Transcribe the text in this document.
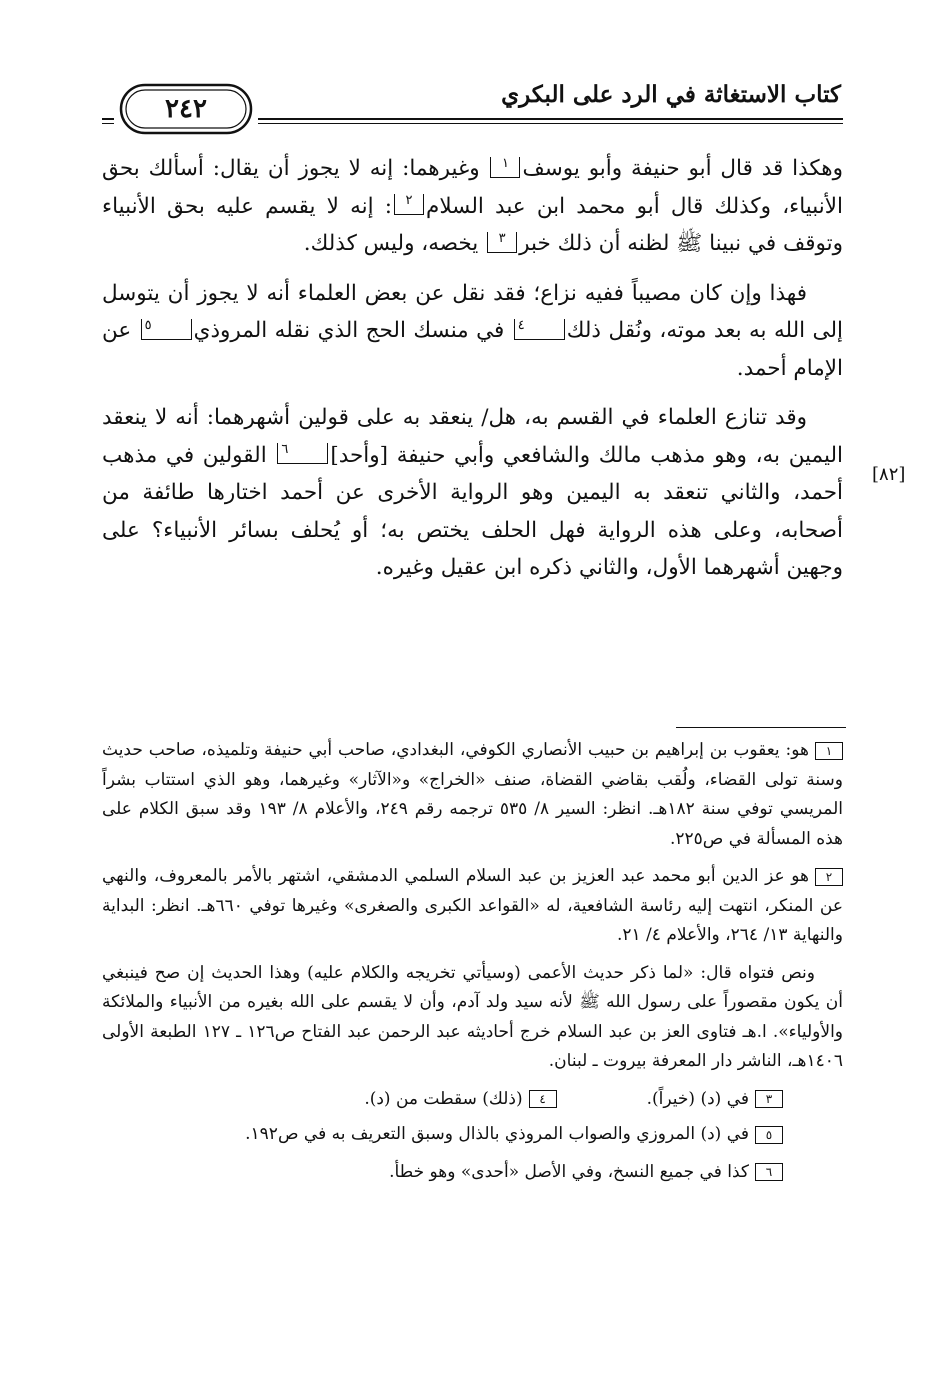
كتاب الاستغاثة في الرد على البكري
٢٤٢
[٨٢]

وهكذا قد قال أبو حنيفة وأبو يوسف١ وغيرهما: إنه لا يجوز أن يقال: أسألك بحق الأنبياء، وكذلك قال أبو محمد ابن عبد السلام٢: إنه لا يقسم عليه بحق الأنبياء وتوقف في نبينا ﷺ لظنه أن ذلك خبر٣ يخصه، وليس كذلك.

فهذا وإن كان مصيباً ففيه نزاع؛ فقد نقل عن بعض العلماء أنه لا يجوز أن يتوسل إلى الله به بعد موته، ونُقل ذلك٤ في منسك الحج الذي نقله المروذي٥ عن الإمام أحمد.

وقد تنازع العلماء في القسم به، هل/ ينعقد به على قولين أشهرهما: أنه لا ينعقد اليمين به، وهو مذهب مالك والشافعي وأبي حنيفة [وأحد]٦ القولين في مذهب أحمد، والثاني تنعقد به اليمين وهو الرواية الأخرى عن أحمد اختارها طائفة من أصحابه، وعلى هذه الرواية فهل الحلف يختص به؛ أو يُحلف بسائر الأنبياء؟ على وجهين أشهرهما الأول، والثاني ذكره ابن عقيل وغيره.

١هو: يعقوب بن إبراهيم بن حبيب الأنصاري الكوفي، البغدادي، صاحب أبي حنيفة وتلميذه، صاحب حديث وسنة تولى القضاء، ولُقب بقاضي القضاة، صنف «الخراج» و«الآثار» وغيرهما، وهو الذي استتاب بشراً المريسي توفي سنة ١٨٢هـ. انظر: السير ٨/ ٥٣٥ ترجمه رقم ٢٤٩، والأعلام ٨/ ١٩٣ وقد سبق الكلام على هذه المسألة في ص٢٢٥.

٢هو عز الدين أبو محمد عبد العزيز بن عبد السلام السلمي الدمشقي، اشتهر بالأمر بالمعروف، والنهي عن المنكر، انتهت إليه رئاسة الشافعية، له «القواعد الكبرى والصغرى» وغيرها توفي ٦٦٠هـ. انظر: البداية والنهاية ١٣/ ٢٦٤، والأعلام ٤/ ٢١.

ونص فتواه قال: «لما ذكر حديث الأعمى (وسيأتي تخريجه والكلام عليه) وهذا الحديث إن صح فينبغي أن يكون مقصوراً على رسول الله ﷺ لأنه سيد ولد آدم، وأن لا يقسم على الله بغيره من الأنبياء والملائكة والأولياء». ا.هـ فتاوى العز بن عبد السلام خرج أحاديثه عبد الرحمن عبد الفتاح ص١٢٦ ـ ١٢٧ الطبعة الأولى ١٤٠٦هـ، الناشر دار المعرفة بيروت ـ لبنان.

٣في (د) (خيراً).
٤(ذلك) سقطت من (د).

٥في (د) المروزي والصواب المروذي بالذال وسبق التعريف به في ص١٩٢.

٦كذا في جميع النسخ، وفي الأصل «أحدى» وهو خطأ.
